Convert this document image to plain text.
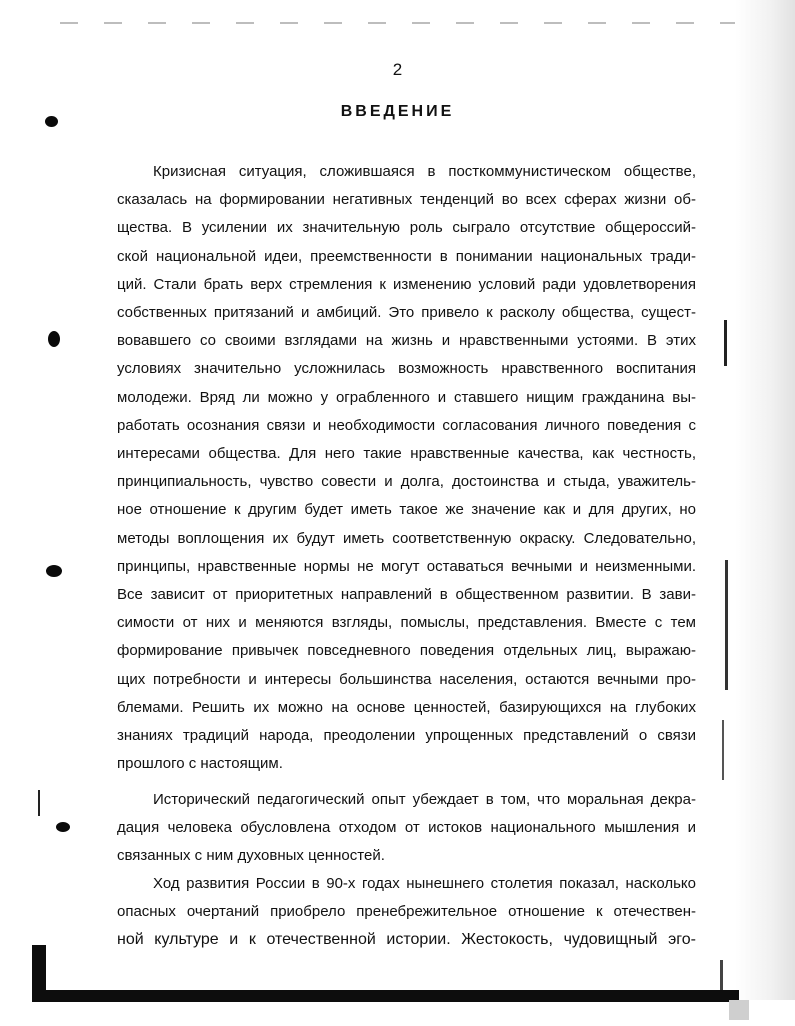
2
ВВЕДЕНИЕ
Кризисная ситуация, сложившаяся в посткоммунистическом обществе,
сказалась на формировании негативных тенденций во всех сферах жизни об-
щества. В усилении их значительную роль сыграло отсутствие общероссий-
ской национальной идеи, преемственности в понимании национальных тради-
ций. Стали брать верх стремления к изменению условий ради удовлетворения
собственных притязаний и амбиций. Это привело к расколу общества, сущест-
вовавшего со своими взглядами на жизнь и нравственными устоями. В этих
условиях значительно усложнилась возможность нравственного воспитания
молодежи. Вряд ли можно у ограбленного и ставшего нищим гражданина вы-
работать осознания связи и необходимости согласования личного поведения с
интересами общества. Для него такие нравственные качества, как честность,
принципиальность, чувство совести и долга, достоинства и стыда, уважитель-
ное отношение к другим будет иметь такое же значение как и для других, но
методы воплощения их будут иметь соответственную окраску. Следовательно,
принципы, нравственные нормы не могут оставаться вечными и неизменными.
Все зависит от приоритетных направлений в общественном развитии. В зави-
симости от них и меняются взгляды, помыслы, представления. Вместе с тем
формирование привычек повседневного поведения отдельных лиц, выражаю-
щих потребности и интересы большинства населения, остаются вечными про-
блемами. Решить их можно на основе ценностей, базирующихся на глубоких
знаниях традиций народа, преодолении упрощенных представлений о связи
прошлого с настоящим.
Исторический педагогический опыт убеждает в том, что моральная декра-
дация человека обусловлена отходом от истоков национального мышления и
связанных с ним духовных ценностей.
Ход развития России в 90-х годах нынешнего столетия показал, насколько
опасных очертаний приобрело пренебрежительное отношение к отечествен-
ной культуре и к отечественной истории. Жестокость, чудовищный эго-
